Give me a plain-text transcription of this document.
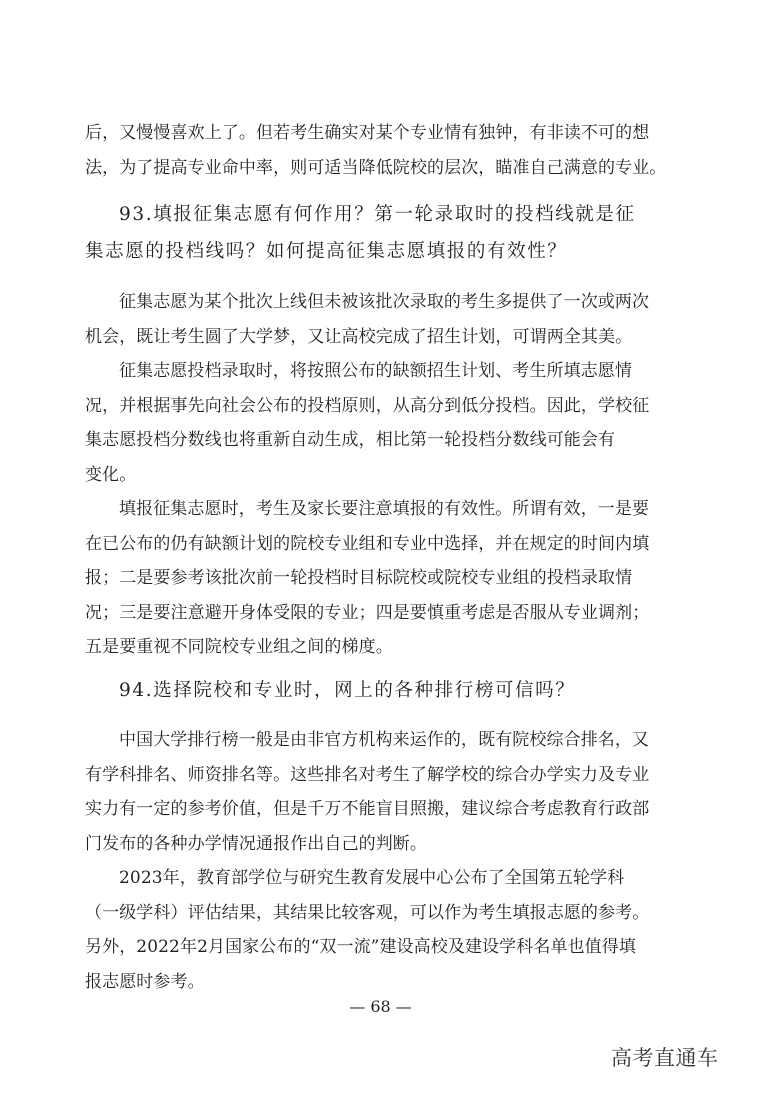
后，又慢慢喜欢上了。但若考生确实对某个专业情有独钟，有非读不可的想
法，为了提高专业命中率，则可适当降低院校的层次，瞄准自己满意的专业。
93.填报征集志愿有何作用？第一轮录取时的投档线就是征
集志愿的投档线吗？如何提高征集志愿填报的有效性？
征集志愿为某个批次上线但未被该批次录取的考生多提供了一次或两次
机会，既让考生圆了大学梦，又让高校完成了招生计划，可谓两全其美。
征集志愿投档录取时，将按照公布的缺额招生计划、考生所填志愿情
况，并根据事先向社会公布的投档原则，从高分到低分投档。因此，学校征
集志愿投档分数线也将重新自动生成，相比第一轮投档分数线可能会有
变化。
填报征集志愿时，考生及家长要注意填报的有效性。所谓有效，一是要
在已公布的仍有缺额计划的院校专业组和专业中选择，并在规定的时间内填
报；二是要参考该批次前一轮投档时目标院校或院校专业组的投档录取情
况；三是要注意避开身体受限的专业；四是要慎重考虑是否服从专业调剂；
五是要重视不同院校专业组之间的梯度。
94.选择院校和专业时，网上的各种排行榜可信吗？
中国大学排行榜一般是由非官方机构来运作的，既有院校综合排名，又
有学科排名、师资排名等。这些排名对考生了解学校的综合办学实力及专业
实力有一定的参考价值，但是千万不能盲目照搬，建议综合考虑教育行政部
门发布的各种办学情况通报作出自己的判断。
2023年，教育部学位与研究生教育发展中心公布了全国第五轮学科
（一级学科）评估结果，其结果比较客观，可以作为考生填报志愿的参考。
另外，2022年2月国家公布的“双一流”建设高校及建设学科名单也值得填
报志愿时参考。
— 68 —
高考直通车
